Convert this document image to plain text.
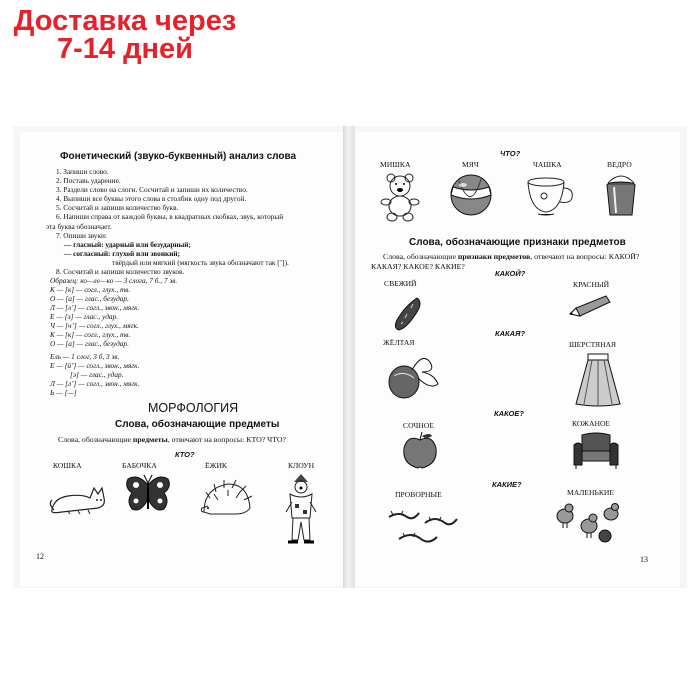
Доставка через
7-14 дней
Фонетический (звуко-буквенный) анализ слова
1. Запиши слово.
2. Поставь ударение.
3. Раздели слово на слоги. Сосчитай и запиши их количество.
4. Выпиши все буквы этого слова в столбик одну под другой.
5. Сосчитай и запиши количество букв.
6. Напиши справа от каждой буквы, в квадратных скобках, звук, который
эта буква обозначает.
7. Опиши звуки:
— гласный: ударный или безударный;
— согласный: глухой или звонкий;
твёрдый или мягкий (мягкость звука обозначают так [’]).
8. Сосчитай и запиши количество звуков.
Образец: ко—ле—ко — 3 слога, 7 б., 7 зв.
К — [к] — согл., глух., тв.
О — [а] — глас., безудар.
Л — [л’] — согл., звон., мягк.
Е — [э] — глас., удар.
Ч — [ч’] — согл., глух., мягк.
К — [к] — согл., глух., тв.
О — [а] — глас., безудар.
Ель — 1 слог, 3 б, 3 зв.
Е — [й’] — согл., звон., мягк.
[э] — глас., удар.
Л — [л’] — согл., звон., мягк.
Ь — [—]
МОРФОЛОГИЯ
Слова, обозначающие предметы
Слова, обозначающие предметы, отвечают на вопросы: КТО? ЧТО?
КТО?
КОШКА	БАБОЧКА	ЁЖИК	КЛОУН
12
ЧТО?
МИШКА	МЯЧ	ЧАШКА	ВЕДРО
Слова, обозначающие признаки предметов
Слова, обозначающие признаки предметов, отвечают на вопросы: КАКОЙ?
КАКАЯ? КАКОЕ? КАКИЕ?
КАКОЙ?
СВЕЖИЙ	КРАСНЫЙ
КАКАЯ?
ЖЁЛТАЯ	ШЕРСТЯНАЯ
КАКОЕ?
СОЧНОЕ	КОЖАНОЕ
КАКИЕ?
ПРОВОРНЫЕ	МАЛЕНЬКИЕ
13
